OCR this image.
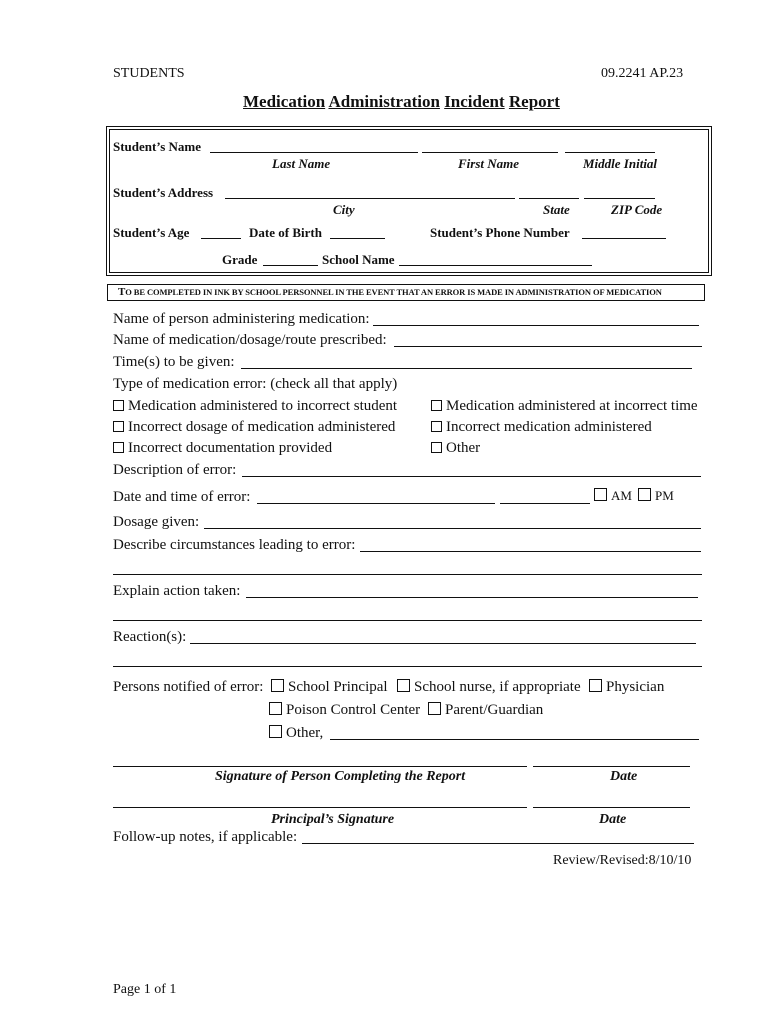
STUDENTS	09.2241 AP.23
Medication Administration Incident Report
Student’s Name
Last Name	First Name	Middle Initial
Student’s Address
City	State	ZIP Code
Student’s Age	Date of Birth	Student’s Phone Number
Grade	School Name
TO BE COMPLETED IN INK BY SCHOOL PERSONNEL IN THE EVENT THAT AN ERROR IS MADE IN ADMINISTRATION OF MEDICATION
Name of person administering medication:
Name of medication/dosage/route prescribed:
Time(s) to be given:
Type of medication error: (check all that apply)
Medication administered to incorrect student
Incorrect dosage of medication administered
Incorrect documentation provided
Medication administered at incorrect time
Incorrect medication administered
Other
Description of error:
Date and time of error:	AM	PM
Dosage given:
Describe circumstances leading to error:
Explain action taken:
Reaction(s):
Persons notified of error:	School Principal	School nurse, if appropriate	Physician
Poison Control Center	Parent/Guardian
Other,
Signature of Person Completing the Report	Date
Principal’s Signature	Date
Follow-up notes, if applicable:
Review/Revised:8/10/10
Page 1 of 1
